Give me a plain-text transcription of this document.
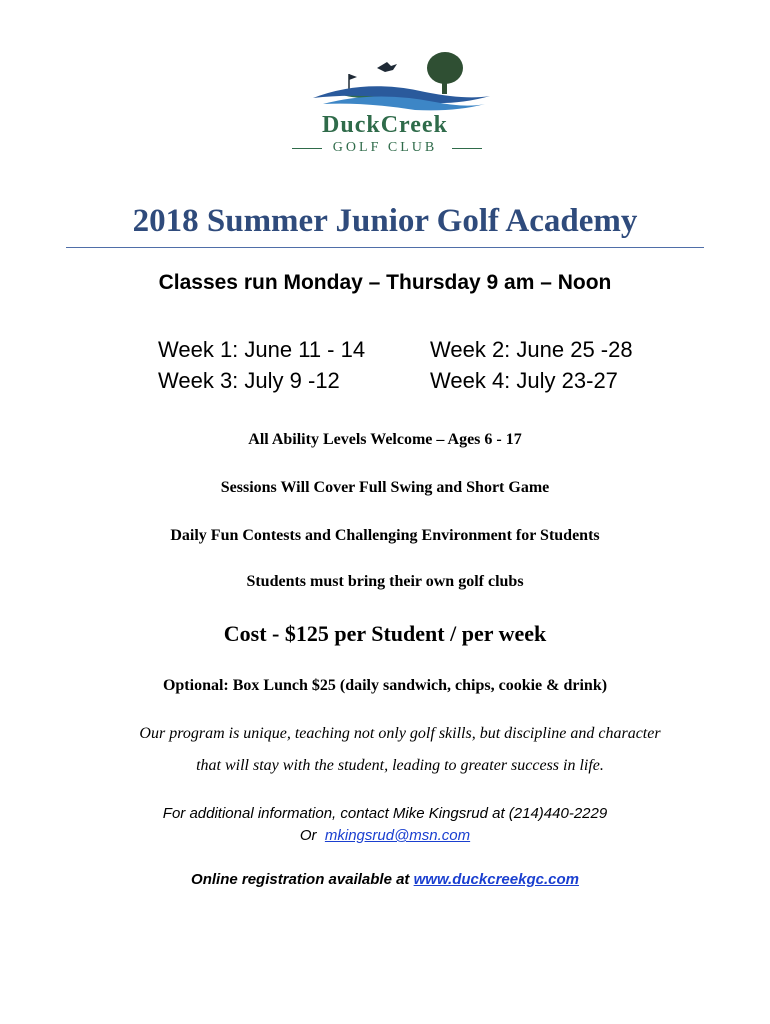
DuckCreek
GOLF CLUB
2018 Summer Junior Golf Academy
Classes run Monday – Thursday 9 am – Noon
Week 1: June 11 - 14	Week 2: June 25 -28
Week 3: July 9 -12	Week 4: July 23-27
All Ability Levels Welcome – Ages 6 - 17
Sessions Will Cover Full Swing and Short Game
Daily Fun Contests and Challenging Environment for Students
Students must bring their own golf clubs
Cost - $125 per Student / per week
Optional: Box Lunch $25 (daily sandwich, chips, cookie & drink)
Our program is unique, teaching not only golf skills, but discipline and character
that will stay with the student, leading to greater success in life.
For additional information, contact Mike Kingsrud at (214)440-2229
Or mkingsrud@msn.com
Online registration available at www.duckcreekgc.com
